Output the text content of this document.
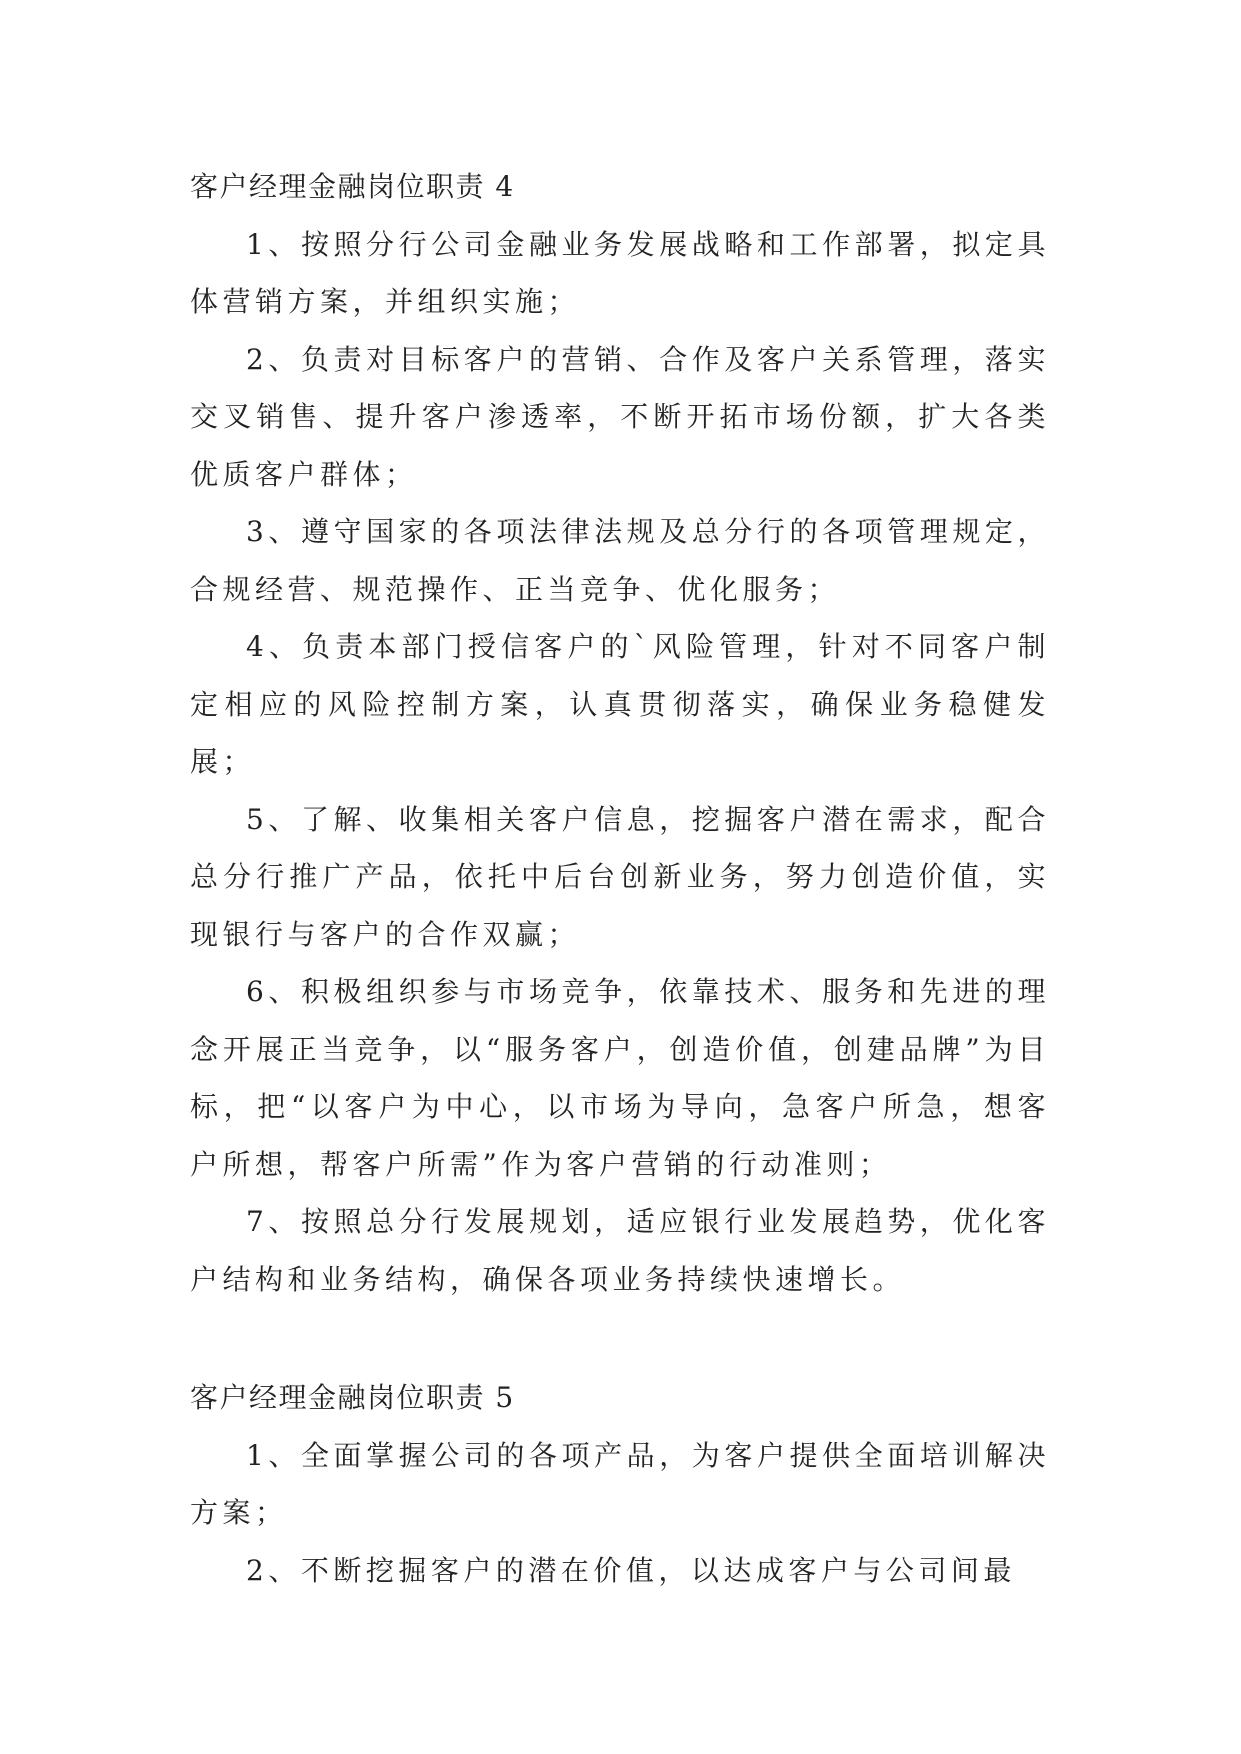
客户经理金融岗位职责 4

1、按照分行公司金融业务发展战略和工作部署，拟定具体营销方案，并组织实施；

2、负责对目标客户的营销、合作及客户关系管理，落实交叉销售、提升客户渗透率，不断开拓市场份额，扩大各类优质客户群体；

3、遵守国家的各项法律法规及总分行的各项管理规定，合规经营、规范操作、正当竞争、优化服务；

4、负责本部门授信客户的`风险管理，针对不同客户制定相应的风险控制方案，认真贯彻落实，确保业务稳健发展；

5、了解、收集相关客户信息，挖掘客户潜在需求，配合总分行推广产品，依托中后台创新业务，努力创造价值，实现银行与客户的合作双赢；

6、积极组织参与市场竞争，依靠技术、服务和先进的理念开展正当竞争，以“服务客户，创造价值，创建品牌”为目标，把“以客户为中心，以市场为导向，急客户所急，想客户所想，帮客户所需”作为客户营销的行动准则；

7、按照总分行发展规划，适应银行业发展趋势，优化客户结构和业务结构，确保各项业务持续快速增长。

客户经理金融岗位职责 5

1、全面掌握公司的各项产品，为客户提供全面培训解决方案；

2、不断挖掘客户的潜在价值，以达成客户与公司间最
